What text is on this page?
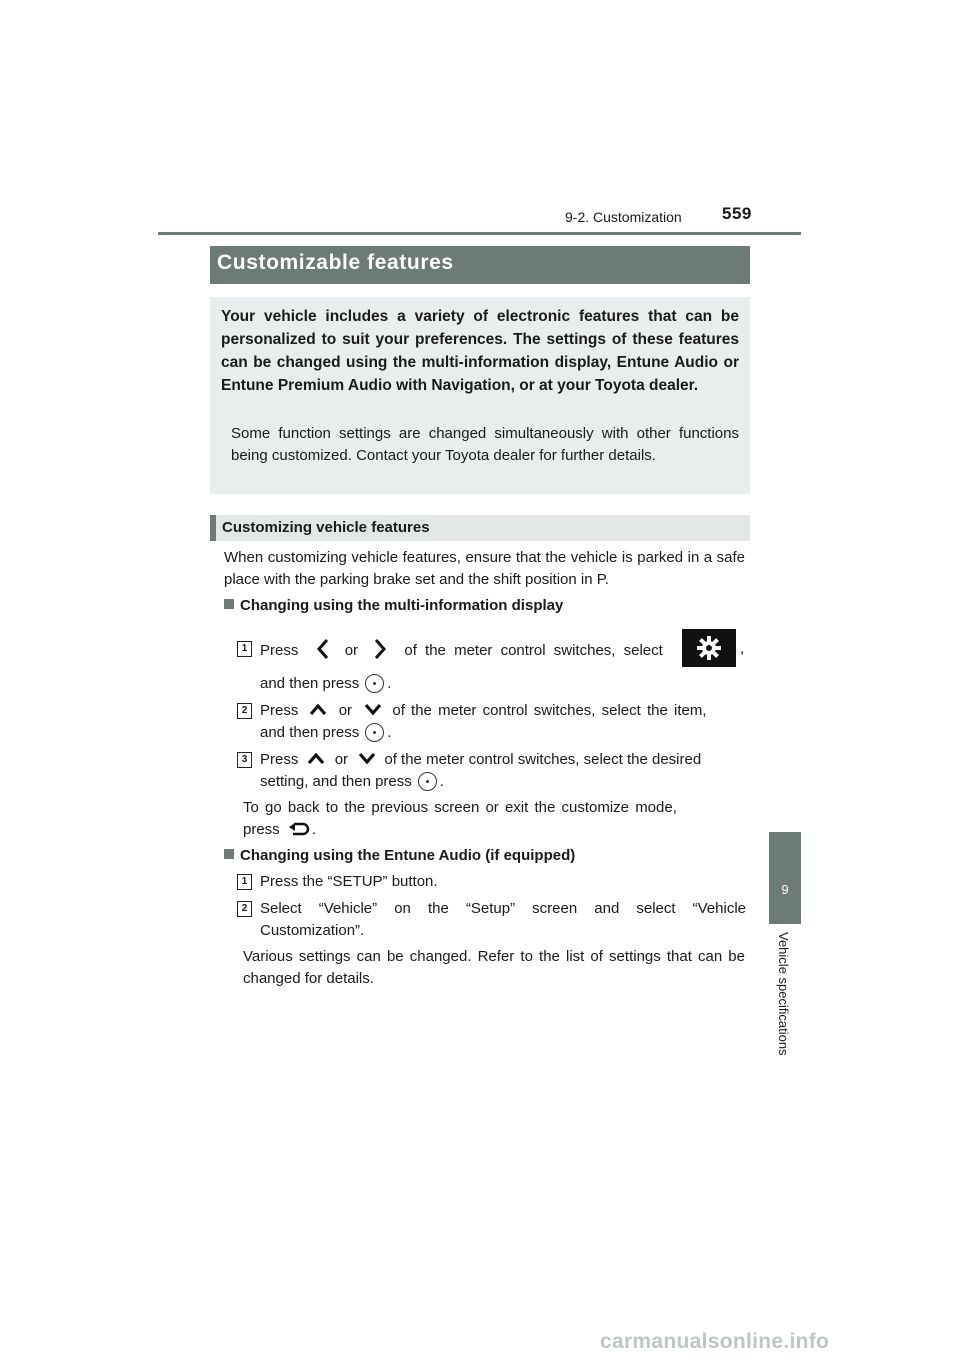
9-2. Customization 559
Customizable features
Your vehicle includes a variety of electronic features that can be personalized to suit your preferences. The settings of these features can be changed using the multi-information display, Entune Audio or Entune Premium Audio with Navigation, or at your Toyota dealer.
Some function settings are changed simultaneously with other functions being customized. Contact your Toyota dealer for further details.
Customizing vehicle features
When customizing vehicle features, ensure that the vehicle is parked in a safe place with the parking brake set and the shift position in P.
Changing using the multi-information display
1 Press	or	of the meter control switches, select	,
and then press .
2 Press	or	of the meter control switches, select the item,
and then press .
3 Press or of the meter control switches, select the desired
setting, and then press .
To go back to the previous screen or exit the customize mode,
press .
Changing using the Entune Audio (if equipped)
1 Press the “SETUP” button.
2 Select “Vehicle” on the “Setup” screen and select “Vehicle Customization”.
Various settings can be changed. Refer to the list of settings that can be changed for details.
9
Vehicle specifications
carmanualsonline.info
